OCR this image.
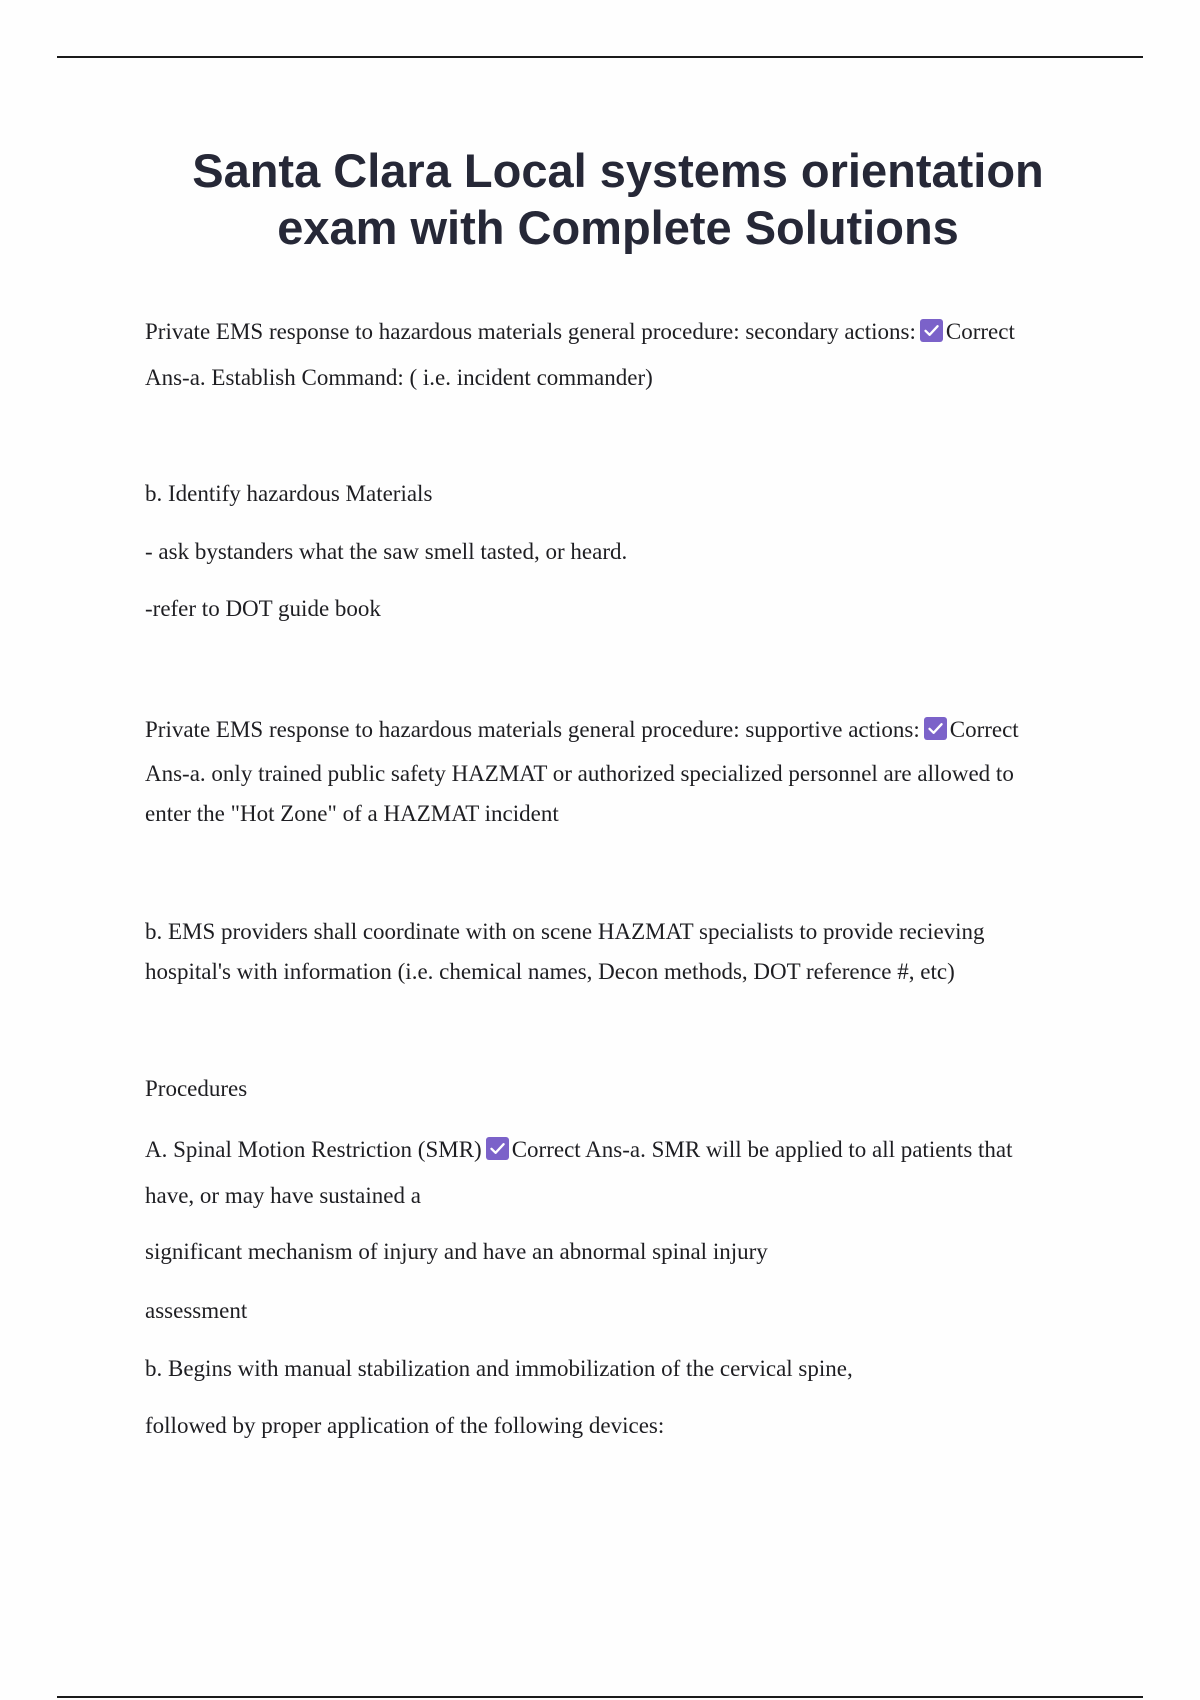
Santa Clara Local systems orientation
exam with Complete Solutions

Private EMS response to hazardous materials general procedure: secondary actions: Correct

Ans-a. Establish Command: ( i.e. incident commander)

b. Identify hazardous Materials

- ask bystanders what the saw smell tasted, or heard.

-refer to DOT guide book

Private EMS response to hazardous materials general procedure: supportive actions: Correct

Ans-a. only trained public safety HAZMAT or authorized specialized personnel are allowed to

enter the "Hot Zone" of a HAZMAT incident

b. EMS providers shall coordinate with on scene HAZMAT specialists to provide recieving

hospital's with information (i.e. chemical names, Decon methods, DOT reference #, etc)

Procedures

A. Spinal Motion Restriction (SMR) Correct Ans-a. SMR will be applied to all patients that

have, or may have sustained a

significant mechanism of injury and have an abnormal spinal injury

assessment

b. Begins with manual stabilization and immobilization of the cervical spine,

followed by proper application of the following devices:
